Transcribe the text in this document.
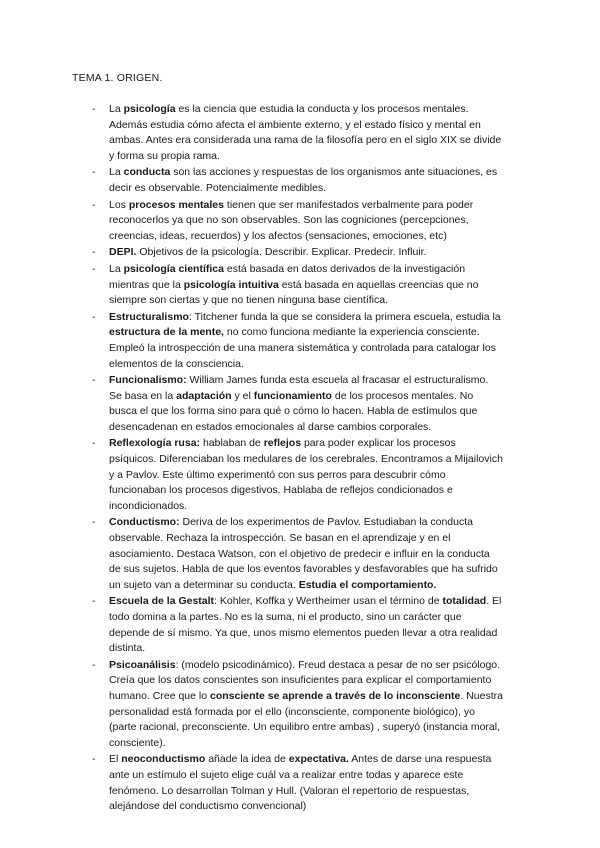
TEMA 1. ORIGEN.
- La psicología es la ciencia que estudia la conducta y los procesos mentales. Además estudia cómo afecta el ambiente externo, y el estado físico y mental en ambas. Antes era considerada una rama de la filosofía pero en el siglo XIX se divide y forma su propia rama.
- La conducta son las acciones y respuestas de los organismos ante situaciones, es decir es observable. Potencialmente medibles.
- Los procesos mentales tienen que ser manifestados verbalmente para poder reconocerlos ya que no son observables. Son las cogniciones (percepciones, creencias, ideas, recuerdos) y los afectos (sensaciones, emociones, etc)
- DEPI. Objetivos de la psicología. Describir. Explicar. Predecir. Influir.
- La psicología científica está basada en datos derivados de la investigación mientras que la psicología intuitiva está basada en aquellas creencias que no siempre son ciertas y que no tienen ninguna base científica.
- Estructuralismo: Titchener funda la que se considera la primera escuela, estudia la estructura de la mente, no como funciona mediante la experiencia consciente. Empleó la introspección de una manera sistemática y controlada para catalogar los elementos de la consciencia.
- Funcionalismo: William James funda esta escuela al fracasar el estructuralismo. Se basa en la adaptación y el funcionamiento de los procesos mentales. No busca el que los forma sino para qué o cómo lo hacen. Habla de estímulos que desencadenan en estados emocionales al darse cambios corporales.
- Reflexología rusa: hablaban de reflejos para poder explicar los procesos psíquicos. Diferenciaban los medulares de los cerebrales. Encontramos a Mijailovich y a Pavlov. Este último experimentó con sus perros para descubrir cómo funcionaban los procesos digestivos. Hablaba de reflejos condicionados e incondicionados.
- Conductismo: Deriva de los experimentos de Pavlov. Estudiaban la conducta observable. Rechaza la introspección. Se basan en el aprendizaje y en el asociamiento. Destaca Watson, con el objetivo de predecir e influir en la conducta de sus sujetos. Habla de que los eventos favorables y desfavorables que ha sufrido un sujeto van a determinar su conducta. Estudia el comportamiento.
- Escuela de la Gestalt: Kohler, Koffka y Wertheimer usan el término de totalidad. El todo domina a la partes. No es la suma, ni el producto, sino un carácter que depende de sí mismo. Ya que, unos mismo elementos pueden llevar a otra realidad distinta.
- Psicoanálisis: (modelo psicodinámico). Freud destaca a pesar de no ser psicólogo. Creía que los datos conscientes son insuficientes para explicar el comportamiento humano. Cree que lo consciente se aprende a través de lo inconsciente. Nuestra personalidad está formada por el ello (inconsciente, componente biológico), yo (parte racional, preconsciente. Un equilibro entre ambas) , superyó (instancia moral, consciente).
- El neoconductismo añade la idea de expectativa. Antes de darse una respuesta ante un estímulo el sujeto elige cuál va a realizar entre todas y aparece este fenómeno. Lo desarrollan Tolman y Hull. (Valoran el repertorio de respuestas, alejándose del conductismo convencional)
